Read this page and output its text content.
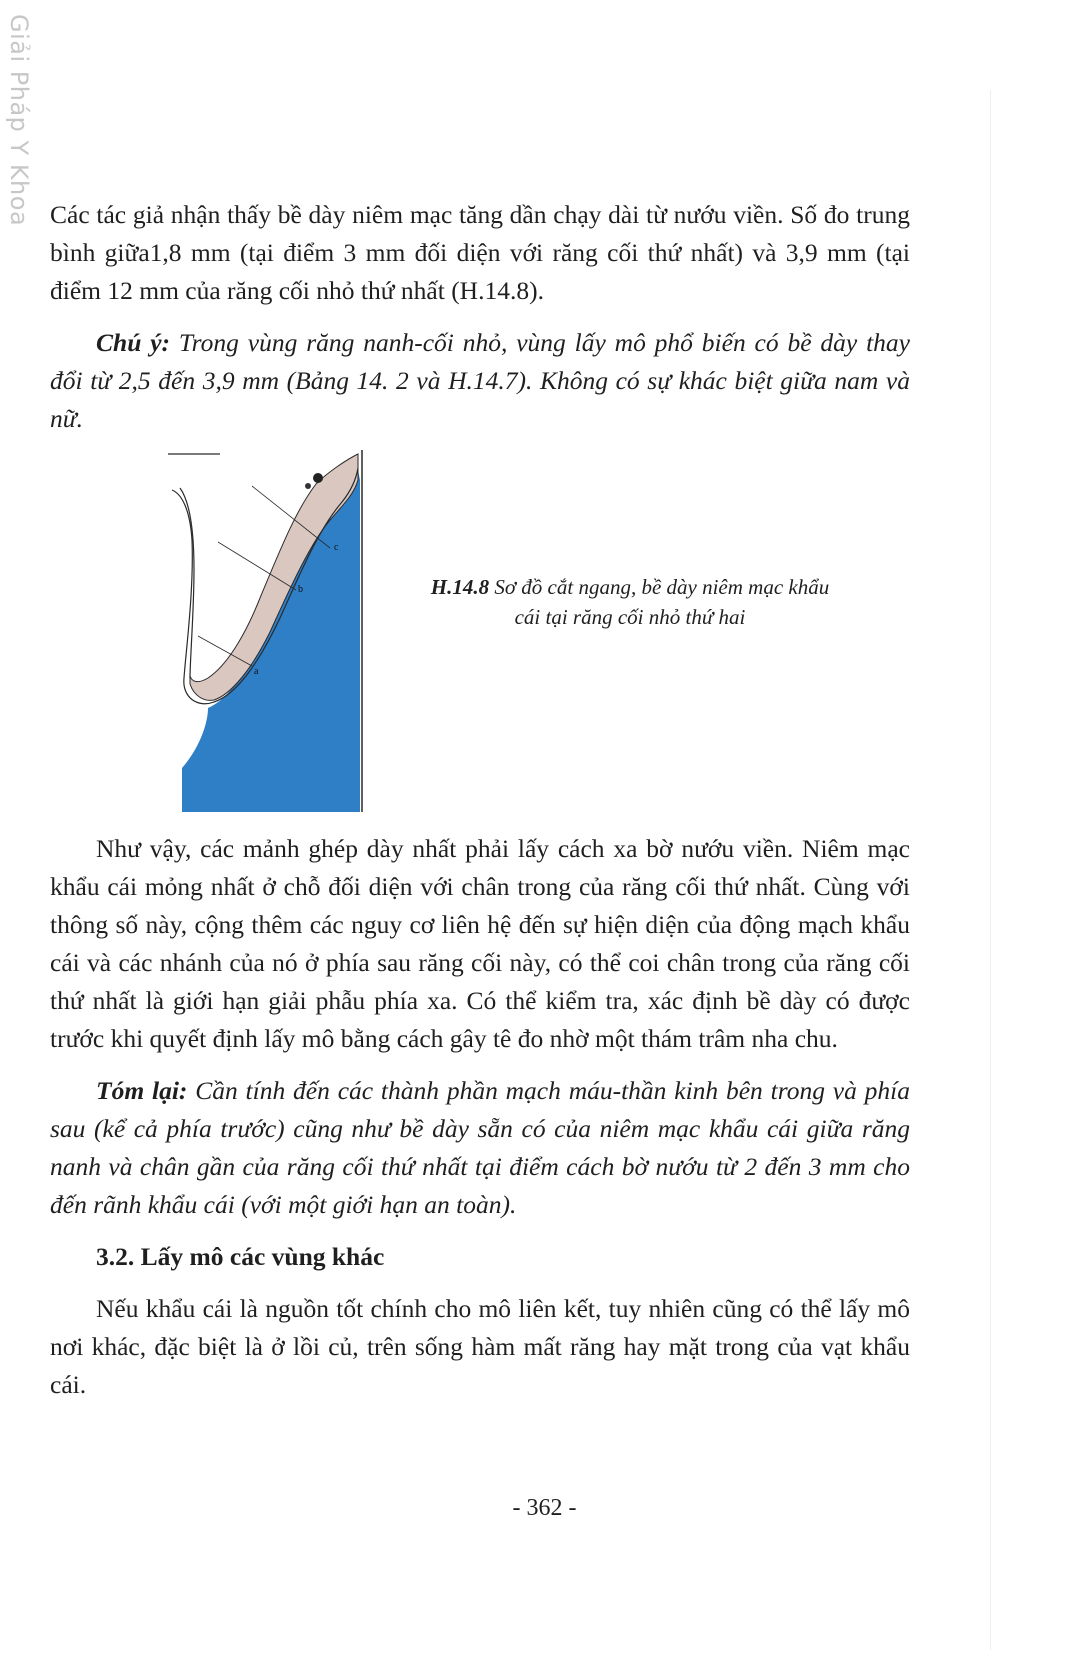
Giải Pháp Y Khoa Các tác giả nhận thấy bề dày niêm mạc tăng dần chạy dài từ nướu viền. Số đo trung bình giữa1,8 mm (tại điểm 3 mm đối diện với răng cối thứ nhất) và 3,9 mm (tại điểm 12 mm của răng cối nhỏ thứ nhất (H.14.8).

Chú ý: Trong vùng răng nanh-cối nhỏ, vùng lấy mô phổ biến có bề dày thay đổi từ 2,5 đến 3,9 mm (Bảng 14. 2 và H.14.7). Không có sự khác biệt giữa nam và nữ.

c
b
a
H.14.8 Sơ đồ cắt ngang, bề dày niêm mạc khẩu cái tại răng cối nhỏ thứ hai

Như vậy, các mảnh ghép dày nhất phải lấy cách xa bờ nướu viền. Niêm mạc khẩu cái mỏng nhất ở chỗ đối diện với chân trong của răng cối thứ nhất. Cùng với thông số này, cộng thêm các nguy cơ liên hệ đến sự hiện diện của động mạch khẩu cái và các nhánh của nó ở phía sau răng cối này, có thể coi chân trong của răng cối thứ nhất là giới hạn giải phẫu phía xa. Có thể kiểm tra, xác định bề dày có được trước khi quyết định lấy mô bằng cách gây tê đo nhờ một thám trâm nha chu.

Tóm lại: Cần tính đến các thành phần mạch máu-thần kinh bên trong và phía sau (kể cả phía trước) cũng như bề dày sẵn có của niêm mạc khẩu cái giữa răng nanh và chân gần của răng cối thứ nhất tại điểm cách bờ nướu từ 2 đến 3 mm cho đến rãnh khẩu cái (với một giới hạn an toàn).

3.2. Lấy mô các vùng khác

Nếu khẩu cái là nguồn tốt chính cho mô liên kết, tuy nhiên cũng có thể lấy mô nơi khác, đặc biệt là ở lồi củ, trên sống hàm mất răng hay mặt trong của vạt khẩu cái.

- 362 -
